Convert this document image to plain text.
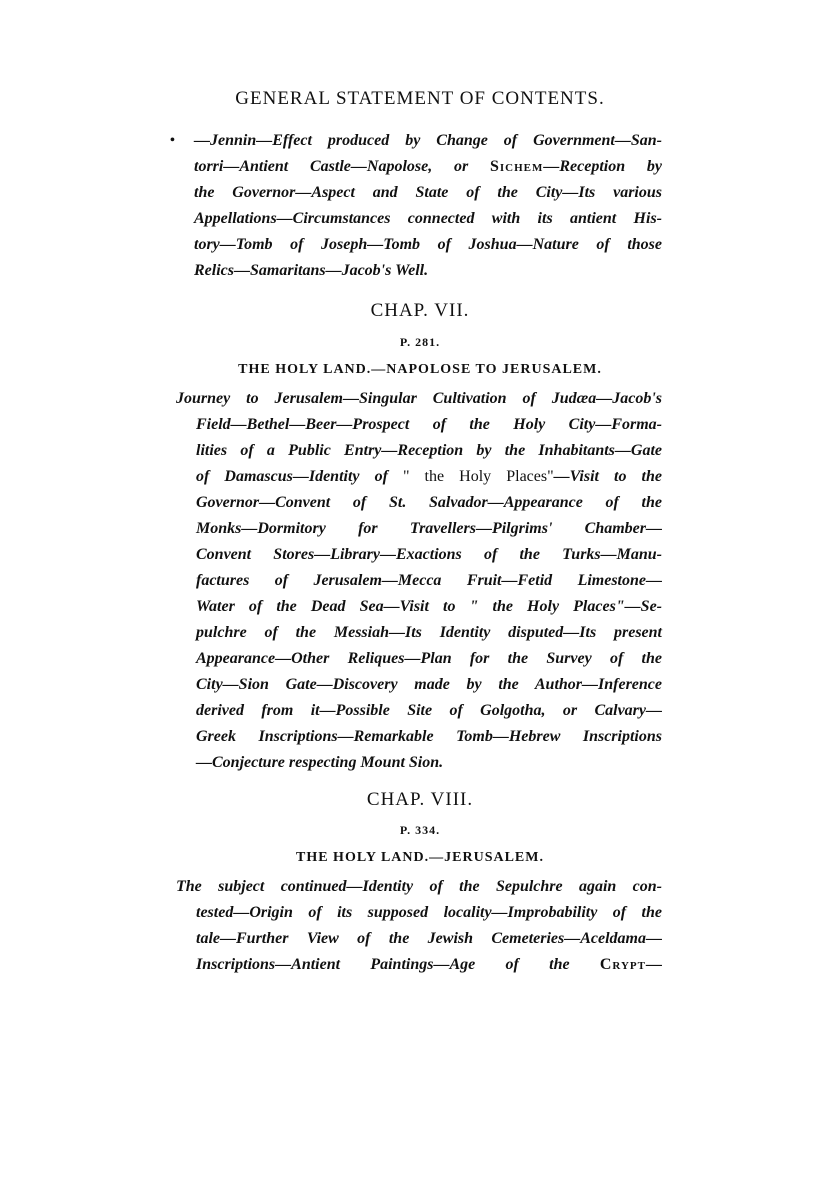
GENERAL STATEMENT OF CONTENTS.
• —Jennin—Effect produced by Change of Government—San-
torri—Antient Castle—Napolose, or Sichem—Reception by
the Governor—Aspect and State of the City—Its various
Appellations—Circumstances connected with its antient His-
tory—Tomb of Joseph—Tomb of Joshua—Nature of those
Relics—Samaritans—Jacob's Well.
CHAP. VII.

P. 281.

THE HOLY LAND.—NAPOLOSE TO JERUSALEM.

Journey to Jerusalem—Singular Cultivation of Judæa—Jacob's
Field—Bethel—Beer—Prospect of the Holy City—Forma-
lities of a Public Entry—Reception by the Inhabitants—Gate
of Damascus—Identity of " the Holy Places"—Visit to the
Governor—Convent of St. Salvador—Appearance of the
Monks—Dormitory for Travellers—Pilgrims' Chamber—
Convent Stores—Library—Exactions of the Turks—Manu-
factures of Jerusalem—Mecca Fruit—Fetid Limestone—
Water of the Dead Sea—Visit to " the Holy Places"—Se-
pulchre of the Messiah—Its Identity disputed—Its present
Appearance—Other Reliques—Plan for the Survey of the
City—Sion Gate—Discovery made by the Author—Inference
derived from it—Possible Site of Golgotha, or Calvary—
Greek Inscriptions—Remarkable Tomb—Hebrew Inscriptions
—Conjecture respecting Mount Sion.
CHAP. VIII.

P. 334.

THE HOLY LAND.—JERUSALEM.

The subject continued—Identity of the Sepulchre again con-
tested—Origin of its supposed locality—Improbability of the
tale—Further View of the Jewish Cemeteries—Aceldama—
Inscriptions—Antient Paintings—Age of the Crypt—
